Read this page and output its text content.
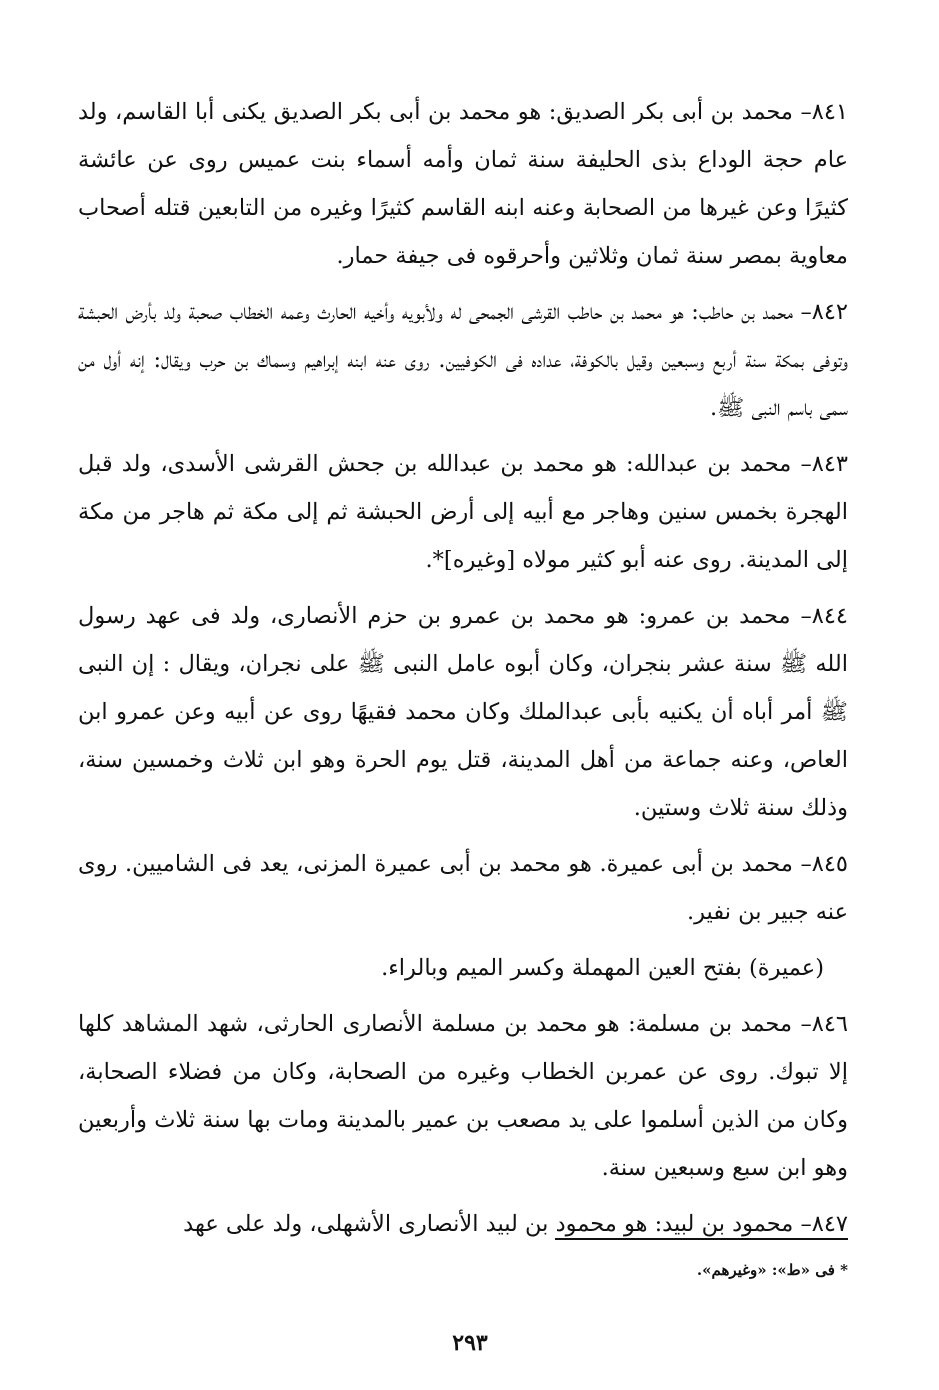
٨٤١– محمد بن أبى بكر الصديق: هو محمد بن أبى بكر الصديق يكنى أبا القاسم، ولد عام حجة الوداع بذى الحليفة سنة ثمان وأمه أسماء بنت عميس روى عن عائشة كثيرًا وعن غيرها من الصحابة وعنه ابنه القاسم كثيرًا وغيره من التابعين قتله أصحاب معاوية بمصر سنة ثمان وثلاثين وأحرقوه فى جيفة حمار.

٨٤٢– محمد بن حاطب: هو محمد بن حاطب القرشى الجمحى له ولأبويه وأخيه الحارث وعمه الخطاب صحبة ولد بأرض الحبشة وتوفى بمكة سنة أربع وسبعين وقيل بالكوفة، عداده فى الكوفيين. روى عنه ابنه إبراهيم وسماك بن حرب ويقال: إنه أول من سمى باسم النبى ﷺ.

٨٤٣– محمد بن عبدالله: هو محمد بن عبدالله بن جحش القرشى الأسدى، ولد قبل الهجرة بخمس سنين وهاجر مع أبيه إلى أرض الحبشة ثم إلى مكة ثم هاجر من مكة إلى المدينة. روى عنه أبو كثير مولاه [وغيره]*.

٨٤٤– محمد بن عمرو: هو محمد بن عمرو بن حزم الأنصارى، ولد فى عهد رسول الله ﷺ سنة عشر بنجران، وكان أبوه عامل النبى ﷺ على نجران، ويقال : إن النبى ﷺ أمر أباه أن يكنيه بأبى عبدالملك وكان محمد فقيهًا روى عن أبيه وعن عمرو ابن العاص، وعنه جماعة من أهل المدينة، قتل يوم الحرة وهو ابن ثلاث وخمسين سنة، وذلك سنة ثلاث وستين.

٨٤٥– محمد بن أبى عميرة. هو محمد بن أبى عميرة المزنى، يعد فى الشاميين. روى عنه جبير بن نفير.

(عميرة) بفتح العين المهملة وكسر الميم وبالراء.

٨٤٦– محمد بن مسلمة: هو محمد بن مسلمة الأنصارى الحارثى، شهد المشاهد كلها إلا تبوك. روى عن عمربن الخطاب وغيره من الصحابة، وكان من فضلاء الصحابة، وكان من الذين أسلموا على يد مصعب بن عمير بالمدينة ومات بها سنة ثلاث وأربعين وهو ابن سبع وسبعين سنة.

٨٤٧– محمود بن لبيد: هو محمود بن لبيد الأنصارى الأشهلى، ولد على عهد

* فى «ط»: «وغيرهم».
٢٩٣
